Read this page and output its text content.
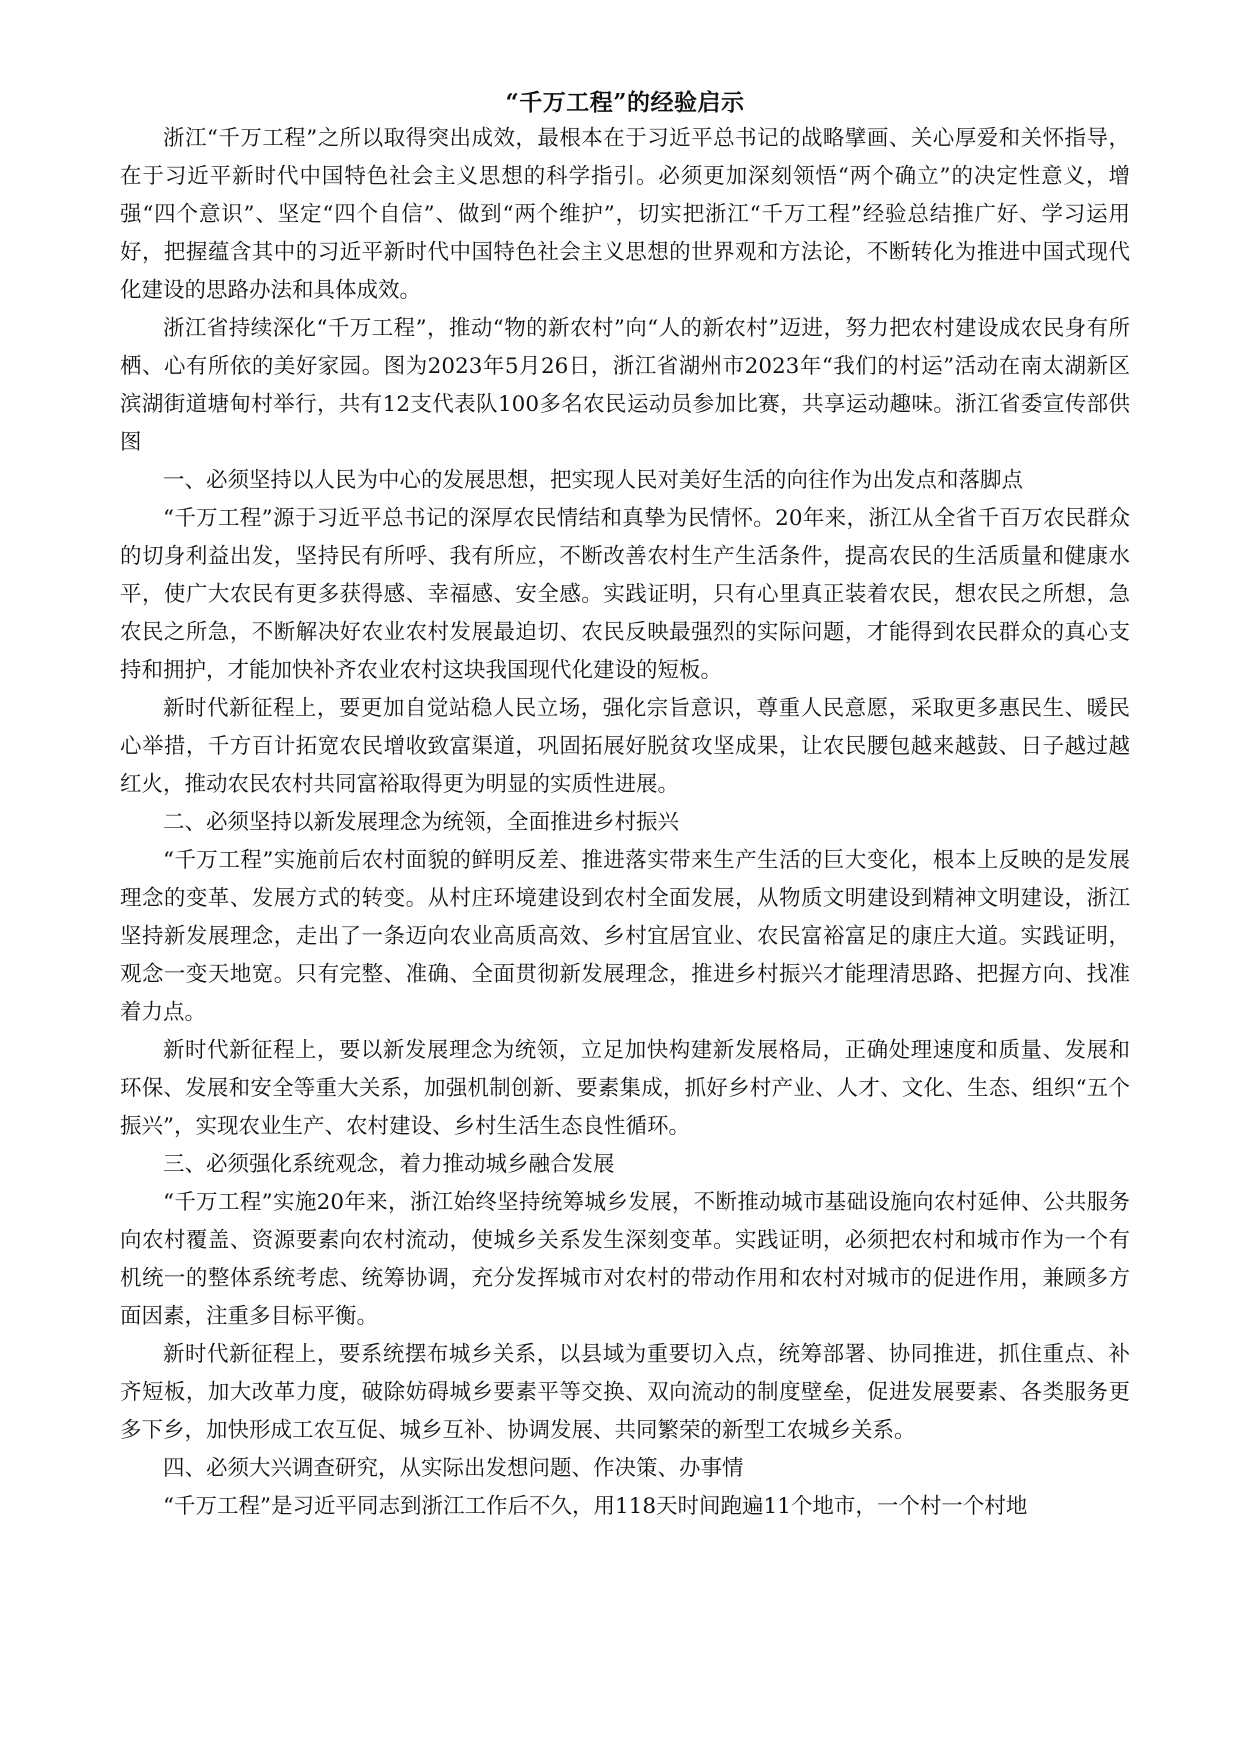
“千万工程”的经验启示

浙江“千万工程”之所以取得突出成效，最根本在于习近平总书记的战略擘画、关心厚爱和关怀指导，在于习近平新时代中国特色社会主义思想的科学指引。必须更加深刻领悟“两个确立”的决定性意义，增强“四个意识”、坚定“四个自信”、做到“两个维护”，切实把浙江“千万工程”经验总结推广好、学习运用好，把握蕴含其中的习近平新时代中国特色社会主义思想的世界观和方法论，不断转化为推进中国式现代化建设的思路办法和具体成效。

浙江省持续深化“千万工程”，推动“物的新农村”向“人的新农村”迈进，努力把农村建设成农民身有所栖、心有所依的美好家园。图为2023年5月26日，浙江省湖州市2023年“我们的村运”活动在南太湖新区滨湖街道塘甸村举行，共有12支代表队100多名农民运动员参加比赛，共享运动趣味。浙江省委宣传部供图

一、必须坚持以人民为中心的发展思想，把实现人民对美好生活的向往作为出发点和落脚点

“千万工程”源于习近平总书记的深厚农民情结和真挚为民情怀。20年来，浙江从全省千百万农民群众的切身利益出发，坚持民有所呼、我有所应，不断改善农村生产生活条件，提高农民的生活质量和健康水平，使广大农民有更多获得感、幸福感、安全感。实践证明，只有心里真正装着农民，想农民之所想，急农民之所急，不断解决好农业农村发展最迫切、农民反映最强烈的实际问题，才能得到农民群众的真心支持和拥护，才能加快补齐农业农村这块我国现代化建设的短板。

新时代新征程上，要更加自觉站稳人民立场，强化宗旨意识，尊重人民意愿，采取更多惠民生、暖民心举措，千方百计拓宽农民增收致富渠道，巩固拓展好脱贫攻坚成果，让农民腰包越来越鼓、日子越过越红火，推动农民农村共同富裕取得更为明显的实质性进展。

二、必须坚持以新发展理念为统领，全面推进乡村振兴

“千万工程”实施前后农村面貌的鲜明反差、推进落实带来生产生活的巨大变化，根本上反映的是发展理念的变革、发展方式的转变。从村庄环境建设到农村全面发展，从物质文明建设到精神文明建设，浙江坚持新发展理念，走出了一条迈向农业高质高效、乡村宜居宜业、农民富裕富足的康庄大道。实践证明，观念一变天地宽。只有完整、准确、全面贯彻新发展理念，推进乡村振兴才能理清思路、把握方向、找准着力点。

新时代新征程上，要以新发展理念为统领，立足加快构建新发展格局，正确处理速度和质量、发展和环保、发展和安全等重大关系，加强机制创新、要素集成，抓好乡村产业、人才、文化、生态、组织“五个振兴”，实现农业生产、农村建设、乡村生活生态良性循环。

三、必须强化系统观念，着力推动城乡融合发展

“千万工程”实施20年来，浙江始终坚持统筹城乡发展，不断推动城市基础设施向农村延伸、公共服务向农村覆盖、资源要素向农村流动，使城乡关系发生深刻变革。实践证明，必须把农村和城市作为一个有机统一的整体系统考虑、统筹协调，充分发挥城市对农村的带动作用和农村对城市的促进作用，兼顾多方面因素，注重多目标平衡。

新时代新征程上，要系统摆布城乡关系，以县域为重要切入点，统筹部署、协同推进，抓住重点、补齐短板，加大改革力度，破除妨碍城乡要素平等交换、双向流动的制度壁垒，促进发展要素、各类服务更多下乡，加快形成工农互促、城乡互补、协调发展、共同繁荣的新型工农城乡关系。

四、必须大兴调查研究，从实际出发想问题、作决策、办事情

“千万工程”是习近平同志到浙江工作后不久，用118天时间跑遍11个地市，一个村一个村地
